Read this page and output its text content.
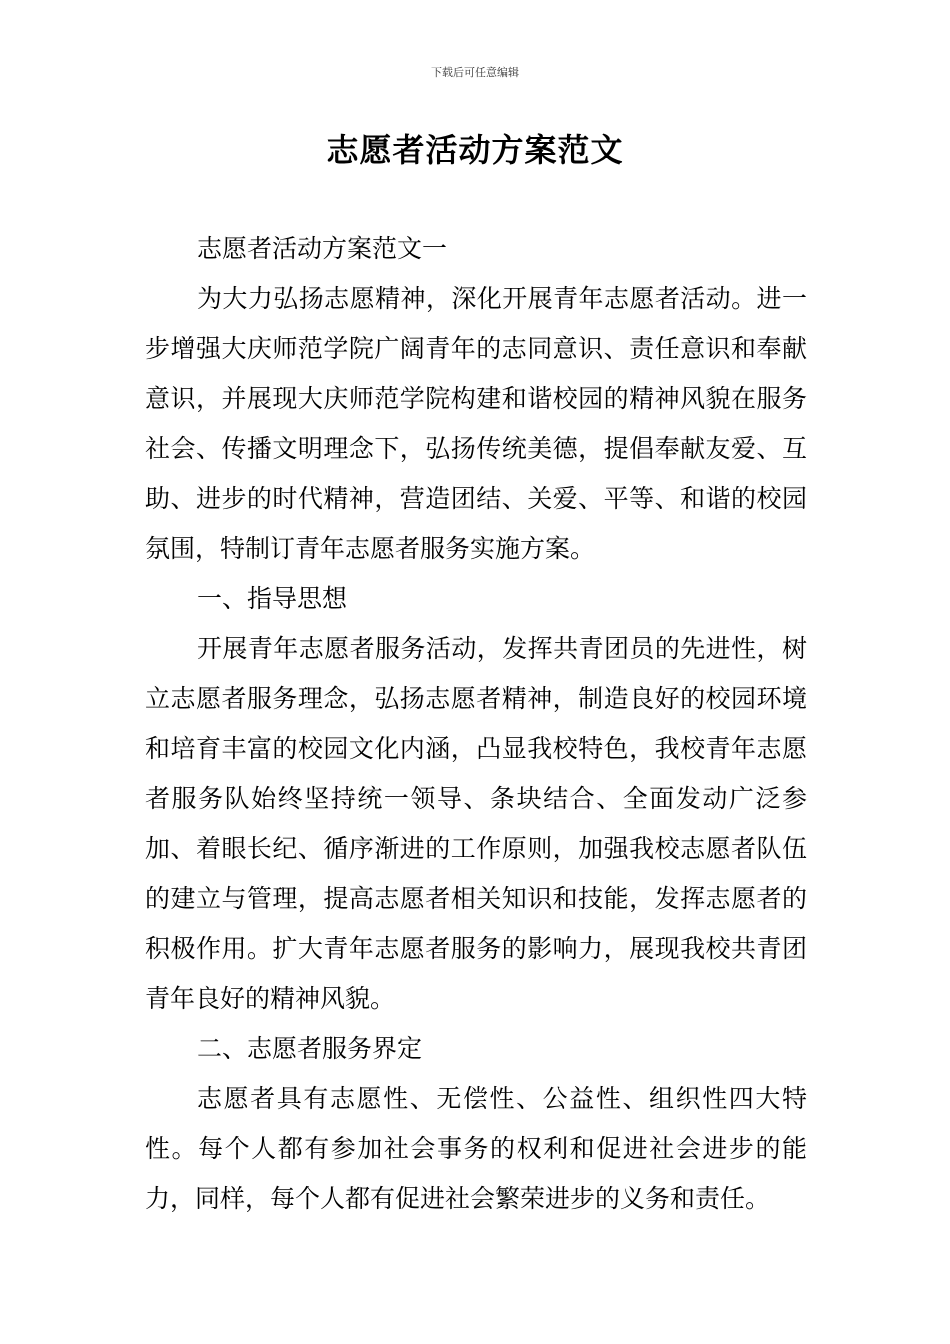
下载后可任意编辑
志愿者活动方案范文

志愿者活动方案范文一

为大力弘扬志愿精神，深化开展青年志愿者活动。进一步增强大庆师范学院广阔青年的志同意识、责任意识和奉献意识，并展现大庆师范学院构建和谐校园的精神风貌在服务社会、传播文明理念下，弘扬传统美德，提倡奉献友爱、互助、进步的时代精神，营造团结、关爱、平等、和谐的校园氛围，特制订青年志愿者服务实施方案。

一、指导思想

开展青年志愿者服务活动，发挥共青团员的先进性，树立志愿者服务理念，弘扬志愿者精神，制造良好的校园环境和培育丰富的校园文化内涵，凸显我校特色，我校青年志愿者服务队始终坚持统一领导、条块结合、全面发动广泛参加、着眼长纪、循序渐进的工作原则，加强我校志愿者队伍的建立与管理，提高志愿者相关知识和技能，发挥志愿者的积极作用。扩大青年志愿者服务的影响力，展现我校共青团青年良好的精神风貌。

二、志愿者服务界定

志愿者具有志愿性、无偿性、公益性、组织性四大特性。每个人都有参加社会事务的权利和促进社会进步的能力，同样，每个人都有促进社会繁荣进步的义务和责任。
